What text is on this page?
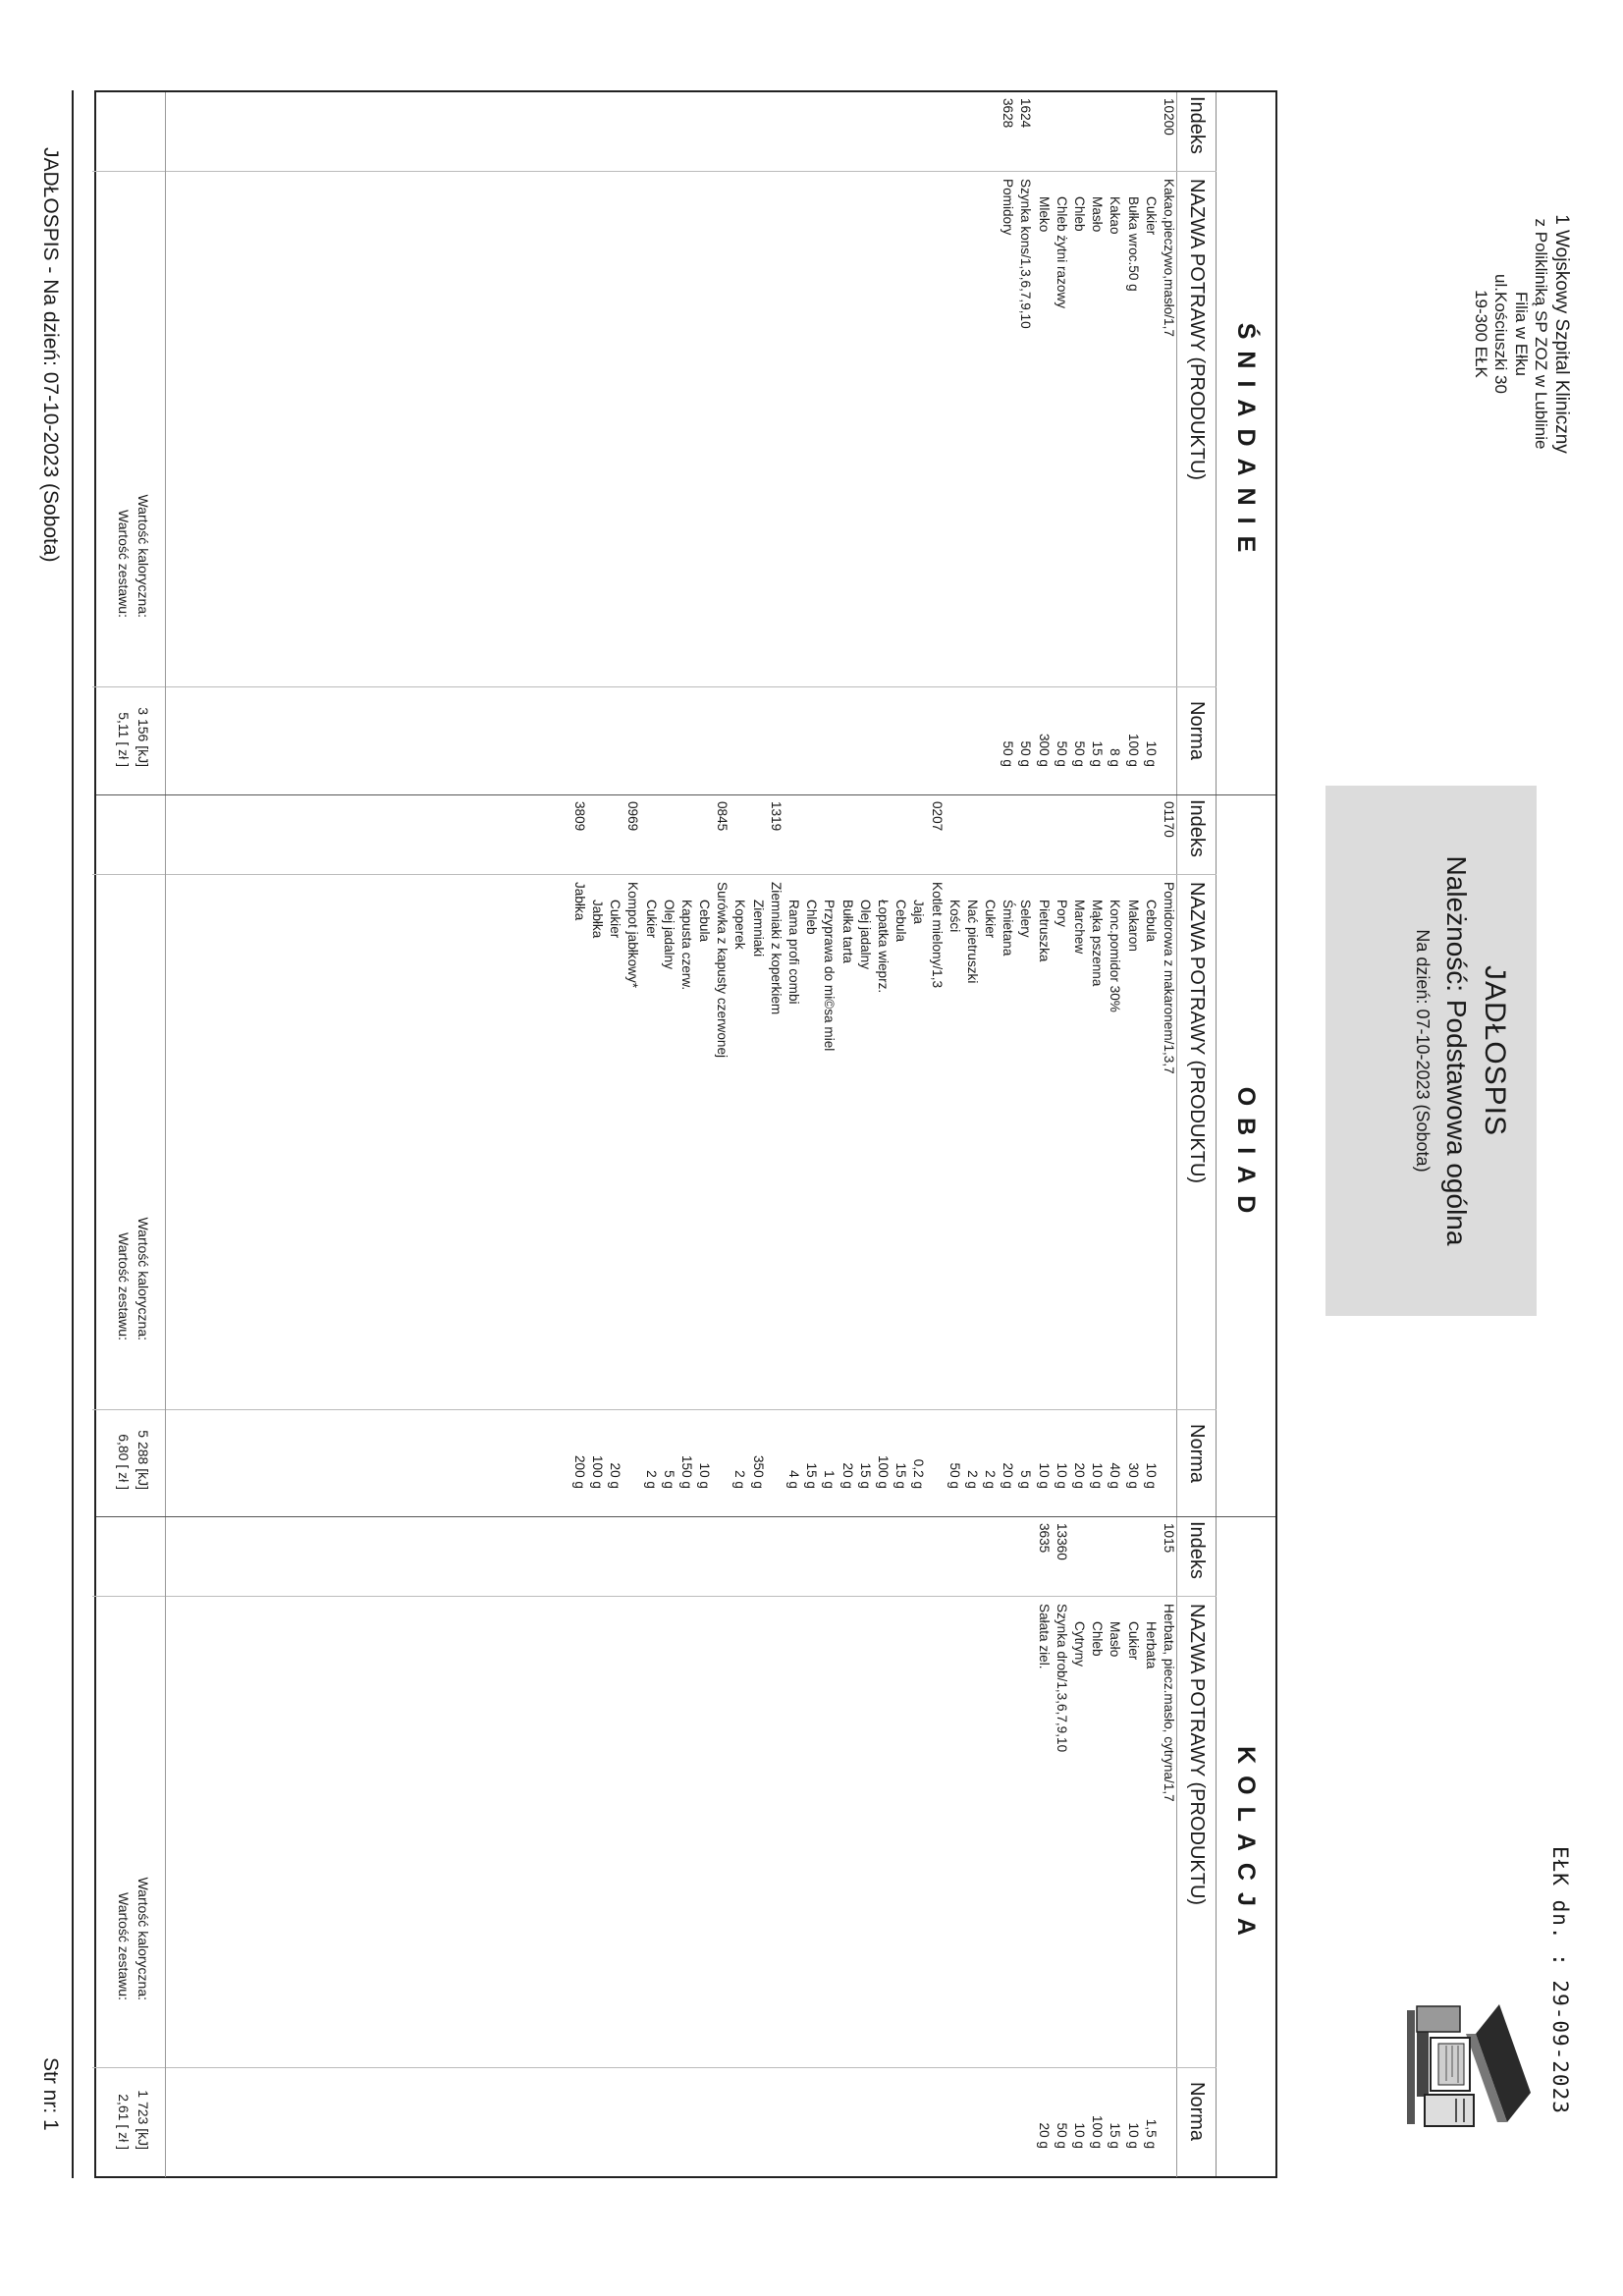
1 Wojskowy Szpital Kliniczny
z Polikliniką SP ZOZ w Lublinie
Filia w Ełku
ul.Kościuszki 30
19-300 EŁK
JADŁOSPIS
Należność: Podstawowa ogólna
Na dzień: 07-10-2023 (Sobota)
EŁK dn. : 29-09-2023
ŚNIADANIE
Indeks
NAZWA POTRAWY (PRODUKTU)
Norma
10200
Kakao,pieczywo,masło/1,7
Cukier
10 g
Bułka wroc.50 g
100 g
Kakao
8 g
Masło
15 g
Chleb
50 g
Chleb żytni razowy
50 g
Mleko
300 g
1624
Szynka kons/1,3,6,7,9,10
50 g
3628
Pomidory
50 g
Wartość kaloryczna:
3 156 [kJ]
Wartość zestawu:
5,11 [ zł ]
OBIAD
Indeks
NAZWA POTRAWY (PRODUKTU)
Norma
01170
Pomidorowa z makaronem/1,3,7
Cebula
10 g
Makaron
30 g
Konc.pomidor 30%
40 g
Mąka pszenna
10 g
Marchew
20 g
Pory
10 g
Pietruszka
10 g
Selery
5 g
Śmietana
20 g
Cukier
2 g
Nać pietruszki
2 g
Kości
50 g
0207
Kotlet mielony/1,3
Jaja
0,2 g
Cebula
15 g
Łopatka wieprz.
100 g
Olej jadalny
15 g
Bułka tarta
20 g
Przyprawa do mi©sa miel
1 g
Chleb
15 g
Rama profi combi
4 g
1319
Ziemniaki z koperkiem
Ziemniaki
350 g
Koperek
2 g
0845
Surówka z kapusty czerwonej
Cebula
10 g
Kapusta czerw.
150 g
Olej jadalny
5 g
Cukier
2 g
0969
Kompot jabłkowy*
Cukier
20 g
Jabłka
100 g
3809
Jabłka
200 g
Wartość kaloryczna:
5 288 [kJ]
Wartość zestawu:
6,80 [ zł ]
KOLACJA
Indeks
NAZWA POTRAWY (PRODUKTU)
Norma
1015
Herbata, piecz.masło, cytryna/1,7
Herbata
1,5 g
Cukier
10 g
Masło
15 g
Chleb
100 g
Cytryny
10 g
13360
Szynka drob/1,3,6,7,9,10
50 g
3635
Sałata ziel.
20 g
Wartość kaloryczna:
1 723 [kJ]
Wartość zestawu:
2,61 [ zł ]
JADŁOSPIS - Na dzień: 07-10-2023 (Sobota)
Str nr: 1
